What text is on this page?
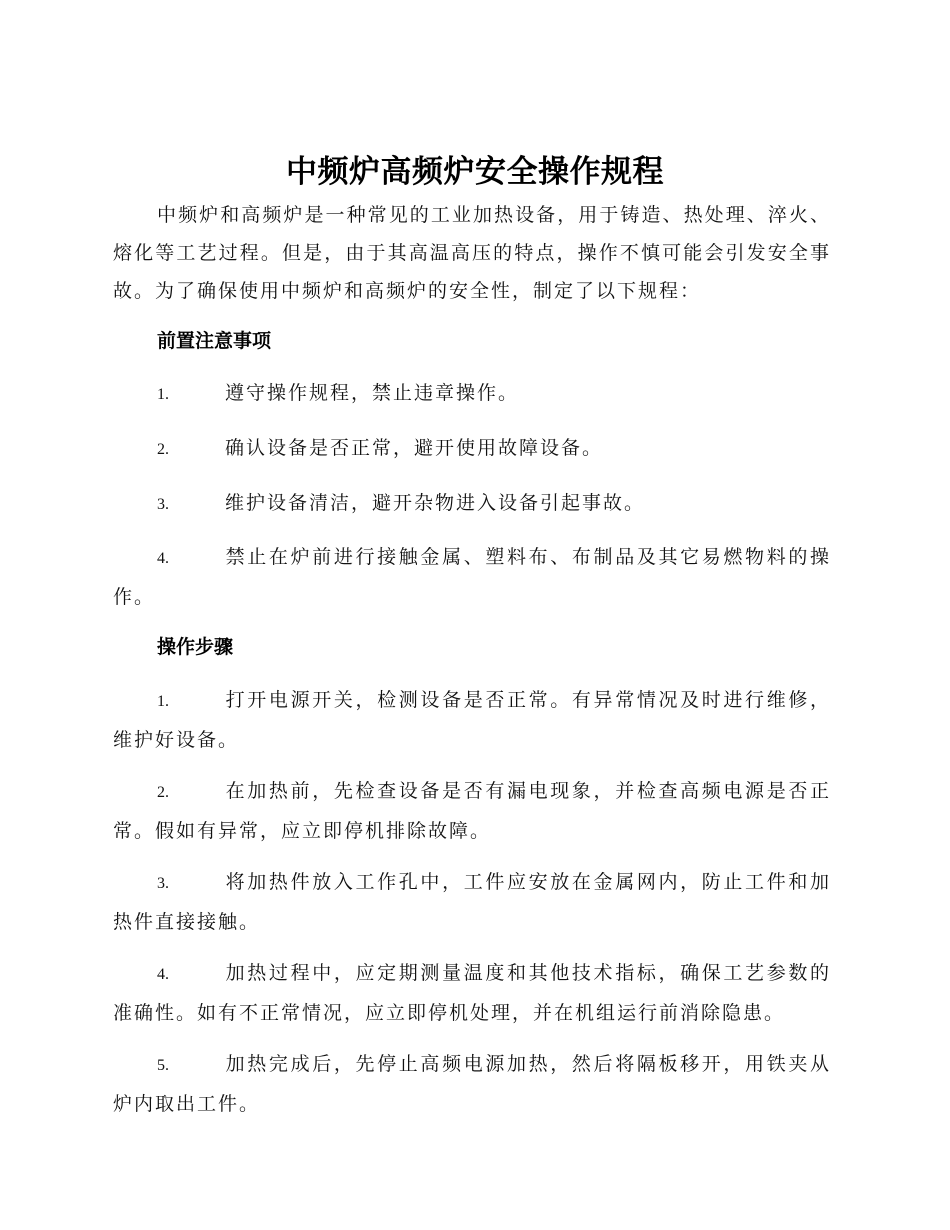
中频炉高频炉安全操作规程

中频炉和高频炉是一种常见的工业加热设备，用于铸造、热处理、淬火、熔化等工艺过程。但是，由于其高温高压的特点，操作不慎可能会引发安全事故。为了确保使用中频炉和高频炉的安全性，制定了以下规程：

前置注意事项

1.	遵守操作规程，禁止违章操作。

2.	确认设备是否正常，避开使用故障设备。

3.	维护设备清洁，避开杂物进入设备引起事故。

4.	禁止在炉前进行接触金属、塑料布、布制品及其它易燃物料的操作。

操作步骤

1.	打开电源开关，检测设备是否正常。有异常情况及时进行维修，维护好设备。

2.	在加热前，先检查设备是否有漏电现象，并检查高频电源是否正常。假如有异常，应立即停机排除故障。

3.	将加热件放入工作孔中，工件应安放在金属网内，防止工件和加热件直接接触。

4.	加热过程中，应定期测量温度和其他技术指标，确保工艺参数的准确性。如有不正常情况，应立即停机处理，并在机组运行前消除隐患。

5.	加热完成后，先停止高频电源加热，然后将隔板移开，用铁夹从炉内取出工件。
